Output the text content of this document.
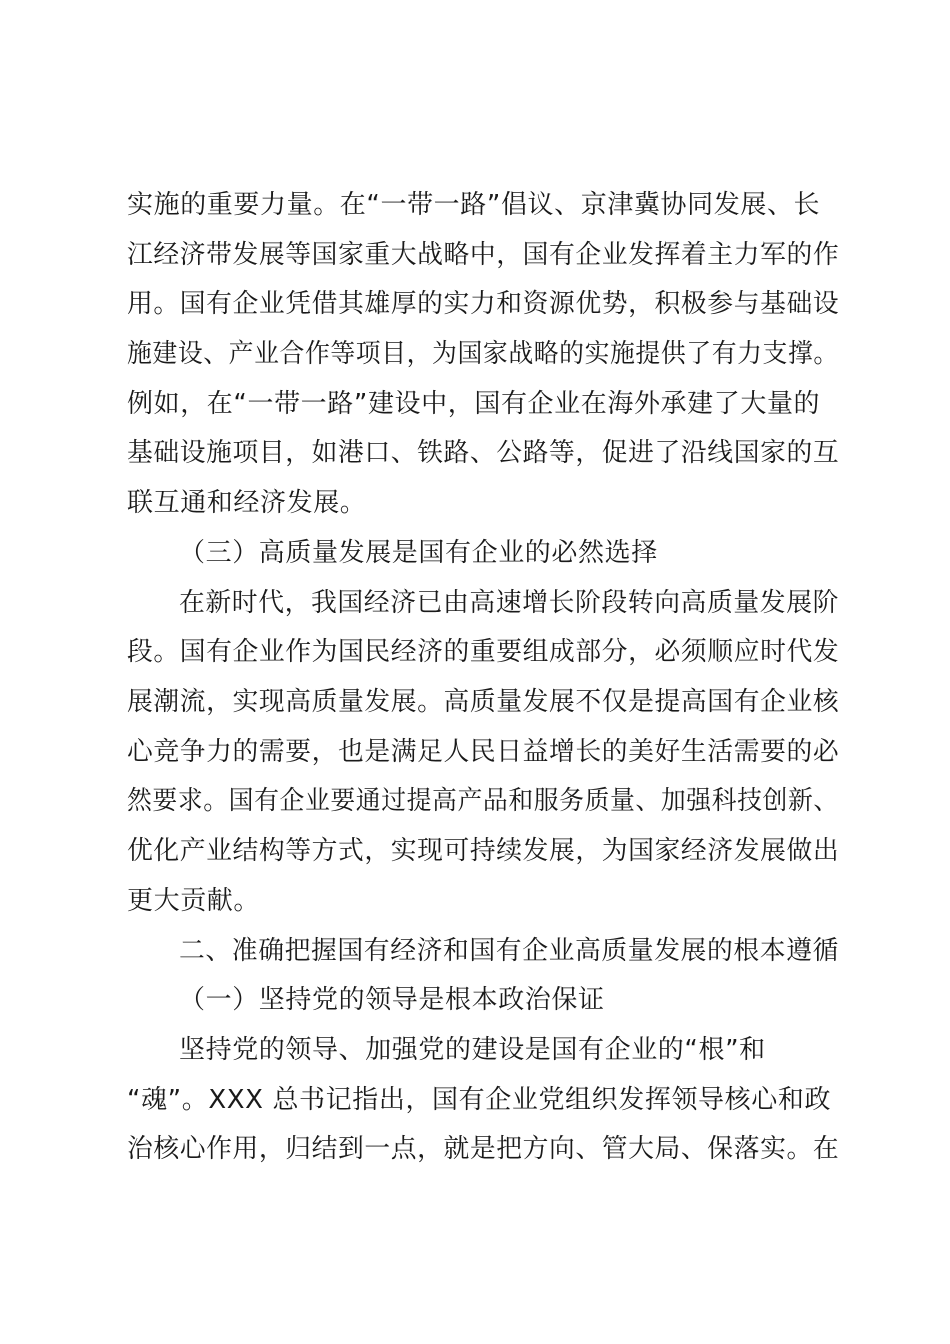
实施的重要力量。在“一带一路”倡议、京津冀协同发展、长
江经济带发展等国家重大战略中，国有企业发挥着主力军的作
用。国有企业凭借其雄厚的实力和资源优势，积极参与基础设
施建设、产业合作等项目，为国家战略的实施提供了有力支撑。
例如，在“一带一路”建设中，国有企业在海外承建了大量的
基础设施项目，如港口、铁路、公路等，促进了沿线国家的互
联互通和经济发展。
（三）高质量发展是国有企业的必然选择
在新时代，我国经济已由高速增长阶段转向高质量发展阶
段。国有企业作为国民经济的重要组成部分，必须顺应时代发
展潮流，实现高质量发展。高质量发展不仅是提高国有企业核
心竞争力的需要，也是满足人民日益增长的美好生活需要的必
然要求。国有企业要通过提高产品和服务质量、加强科技创新、
优化产业结构等方式，实现可持续发展，为国家经济发展做出
更大贡献。
二、准确把握国有经济和国有企业高质量发展的根本遵循
（一）坚持党的领导是根本政治保证
坚持党的领导、加强党的建设是国有企业的“根”和
“魂”。XXX 总书记指出，国有企业党组织发挥领导核心和政
治核心作用，归结到一点，就是把方向、管大局、保落实。在
